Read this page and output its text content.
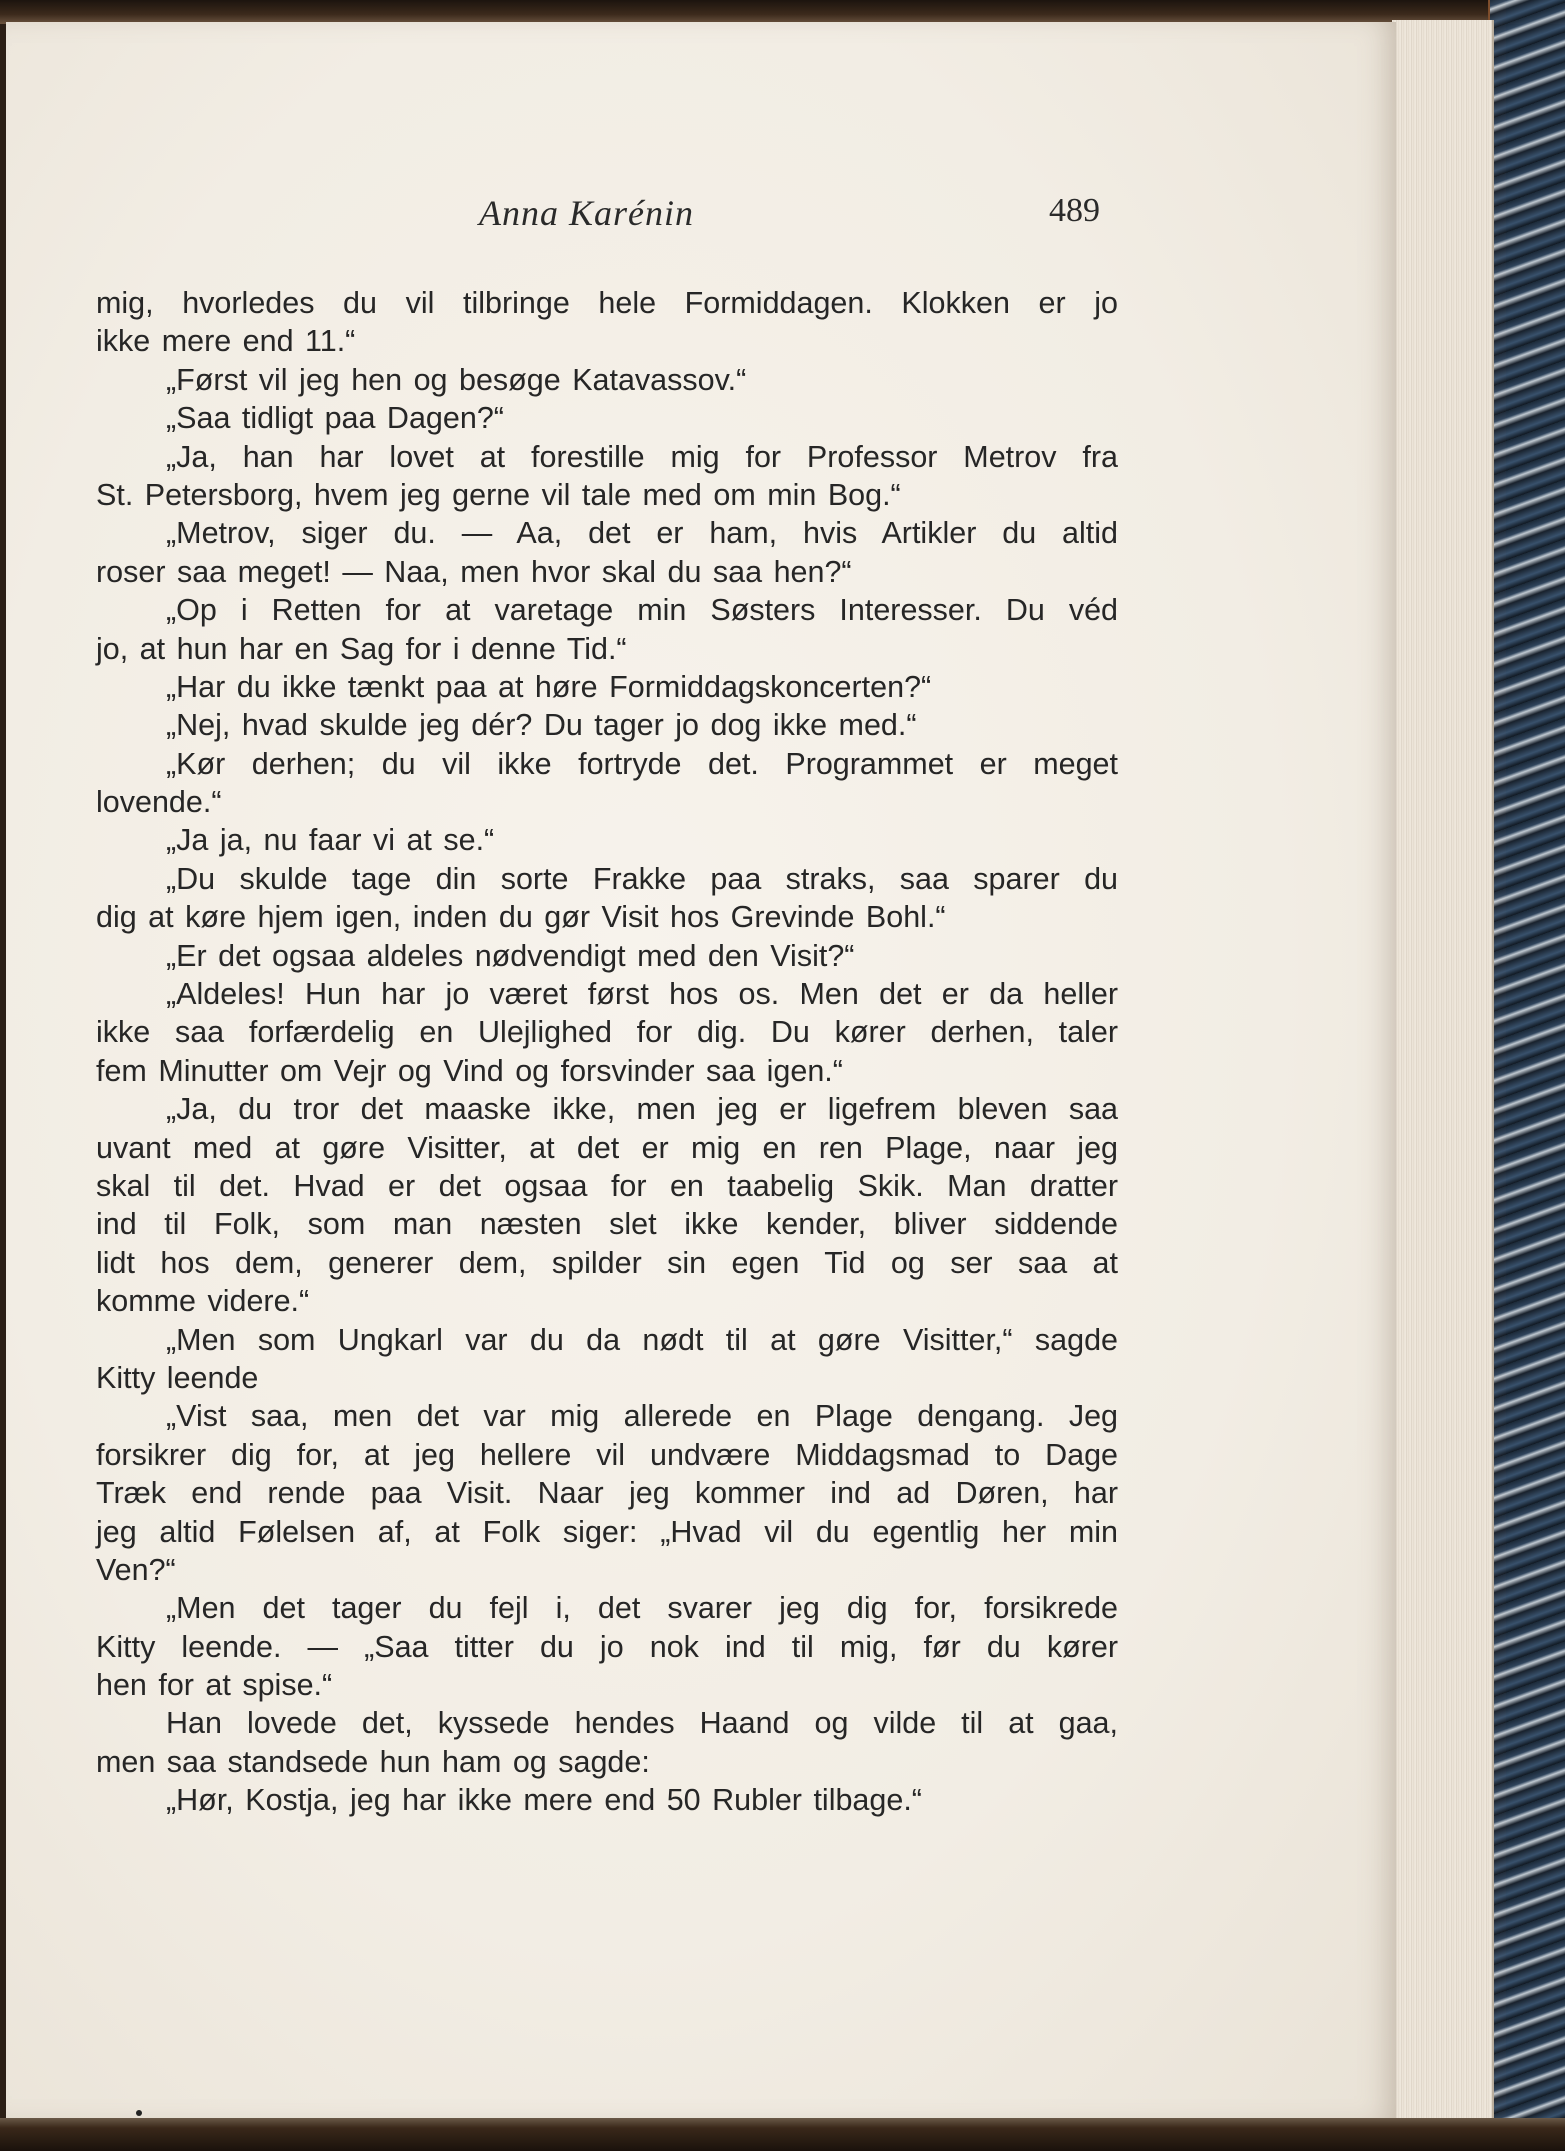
Anna Karénin	489
mig, hvorledes du vil tilbringe hele Formiddagen. Klokken er jo
ikke mere end 11.“
„Først vil jeg hen og besøge Katavassov.“
„Saa tidligt paa Dagen?“
„Ja, han har lovet at forestille mig for Professor Metrov fra
St. Petersborg, hvem jeg gerne vil tale med om min Bog.“
„Metrov, siger du. — Aa, det er ham, hvis Artikler du altid
roser saa meget! — Naa, men hvor skal du saa hen?“
„Op i Retten for at varetage min Søsters Interesser. Du véd
jo, at hun har en Sag for i denne Tid.“
„Har du ikke tænkt paa at høre Formiddagskoncerten?“
„Nej, hvad skulde jeg dér? Du tager jo dog ikke med.“
„Kør derhen; du vil ikke fortryde det. Programmet er meget
lovende.“
„Ja ja, nu faar vi at se.“
„Du skulde tage din sorte Frakke paa straks, saa sparer du
dig at køre hjem igen, inden du gør Visit hos Grevinde Bohl.“
„Er det ogsaa aldeles nødvendigt med den Visit?“
„Aldeles! Hun har jo været først hos os. Men det er da heller
ikke saa forfærdelig en Ulejlighed for dig. Du kører derhen, taler
fem Minutter om Vejr og Vind og forsvinder saa igen.“
„Ja, du tror det maaske ikke, men jeg er ligefrem bleven saa
uvant med at gøre Visitter, at det er mig en ren Plage, naar jeg
skal til det. Hvad er det ogsaa for en taabelig Skik. Man dratter
ind til Folk, som man næsten slet ikke kender, bliver siddende
lidt hos dem, generer dem, spilder sin egen Tid og ser saa at
komme videre.“
„Men som Ungkarl var du da nødt til at gøre Visitter,“ sagde
Kitty leende
„Vist saa, men det var mig allerede en Plage dengang. Jeg
forsikrer dig for, at jeg hellere vil undvære Middagsmad to Dage
Træk end rende paa Visit. Naar jeg kommer ind ad Døren, har
jeg altid Følelsen af, at Folk siger: „Hvad vil du egentlig her min
Ven?“
„Men det tager du fejl i, det svarer jeg dig for, forsikrede
Kitty leende. — „Saa titter du jo nok ind til mig, før du kører
hen for at spise.“
Han lovede det, kyssede hendes Haand og vilde til at gaa,
men saa standsede hun ham og sagde:
„Hør, Kostja, jeg har ikke mere end 50 Rubler tilbage.“
